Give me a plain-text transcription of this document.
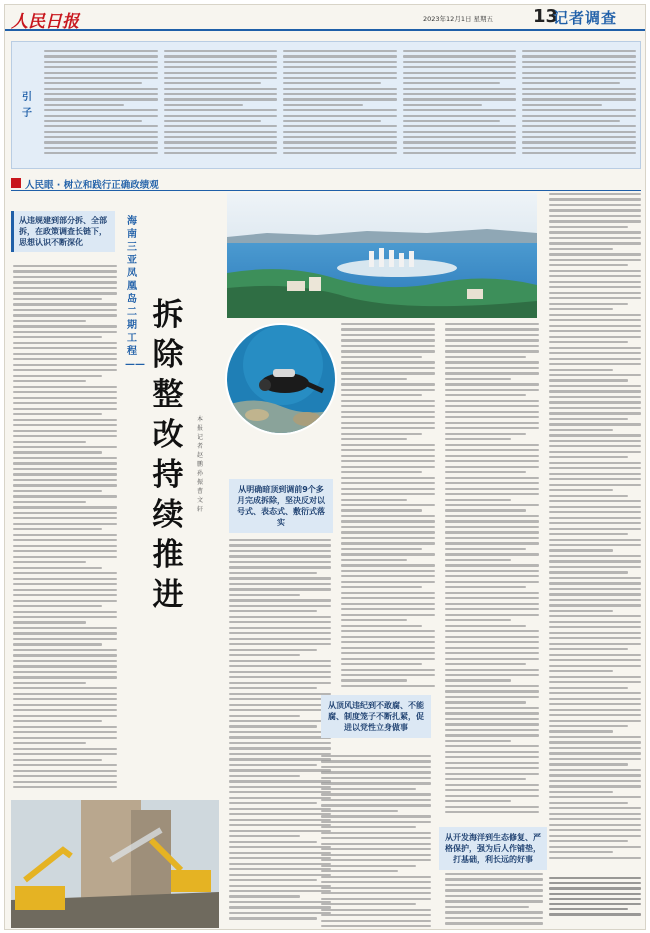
人民日报	2023年12月1日 星期五 13
记者调查
引子
人民眼 · 树立和践行正确政绩观
从违规建到部分拆、全部拆，在政策调查长链下，思想认识不断深化
海南三亚凤凰岛二期工程——
拆除整改持续推进
本报记者 赵鹏 孙振 曹文轩
从明确暗顶到调前9个多月完成拆除，坚决反对以号式、表态式、敷衍式落实
从顶风违纪到不敢腐、不能腐、制度笼子不断扎紧，促进以党性立身做事
从开发海洋到生态修复、严格保护，强为后人作铺垫，打基础，利长远的好事
